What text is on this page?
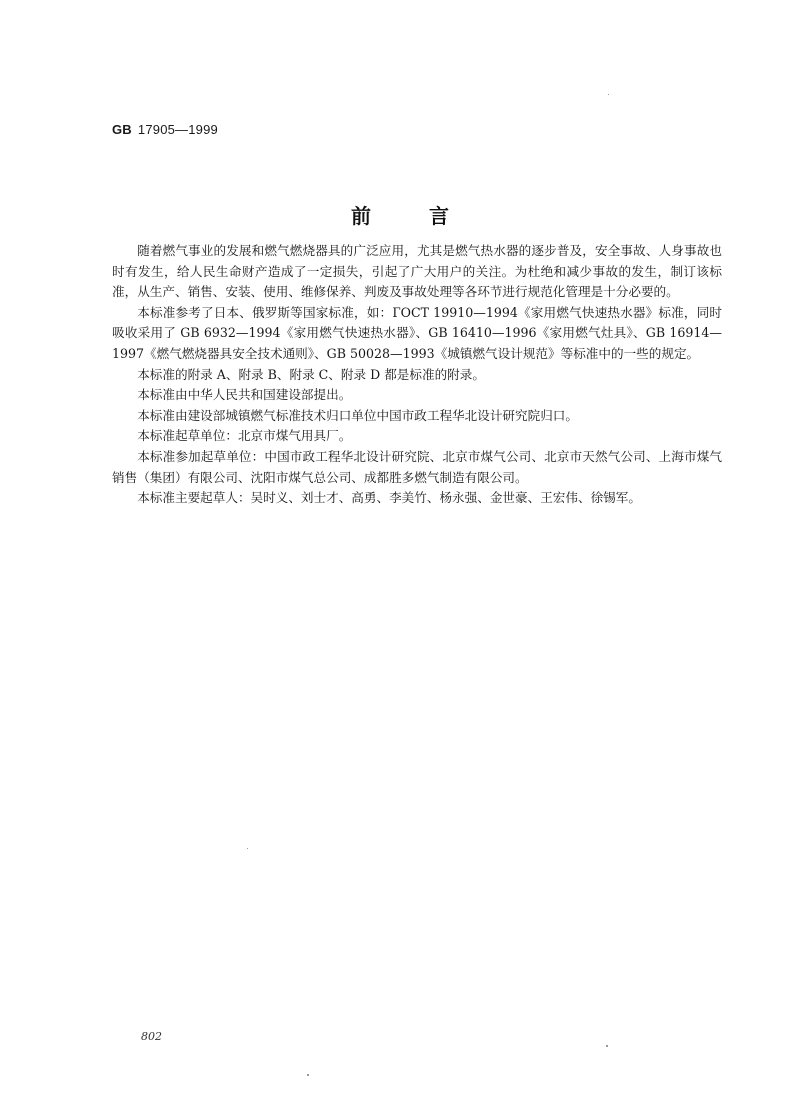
GB 17905—1999
前言

随着燃气事业的发展和燃气燃烧器具的广泛应用，尤其是燃气热水器的逐步普及，安全事故、人身事故也时有发生，给人民生命财产造成了一定损失，引起了广大用户的关注。为杜绝和减少事故的发生，制订该标准，从生产、销售、安装、使用、维修保养、判废及事故处理等各环节进行规范化管理是十分必要的。

本标准参考了日本、俄罗斯等国家标准，如：ГОСТ 19910—1994《家用燃气快速热水器》标准，同时吸收采用了 GB 6932—1994《家用燃气快速热水器》、GB 16410—1996《家用燃气灶具》、GB 16914—1997《燃气燃烧器具安全技术通则》、GB 50028—1993《城镇燃气设计规范》等标准中的一些的规定。

本标准的附录 A、附录 B、附录 C、附录 D 都是标准的附录。

本标准由中华人民共和国建设部提出。

本标准由建设部城镇燃气标准技术归口单位中国市政工程华北设计研究院归口。

本标准起草单位：北京市煤气用具厂。

本标准参加起草单位：中国市政工程华北设计研究院、北京市煤气公司、北京市天然气公司、上海市煤气销售（集团）有限公司、沈阳市煤气总公司、成都胜多燃气制造有限公司。

本标准主要起草人：吴时义、刘士才、高勇、李美竹、杨永强、金世豪、王宏伟、徐锡军。

802
